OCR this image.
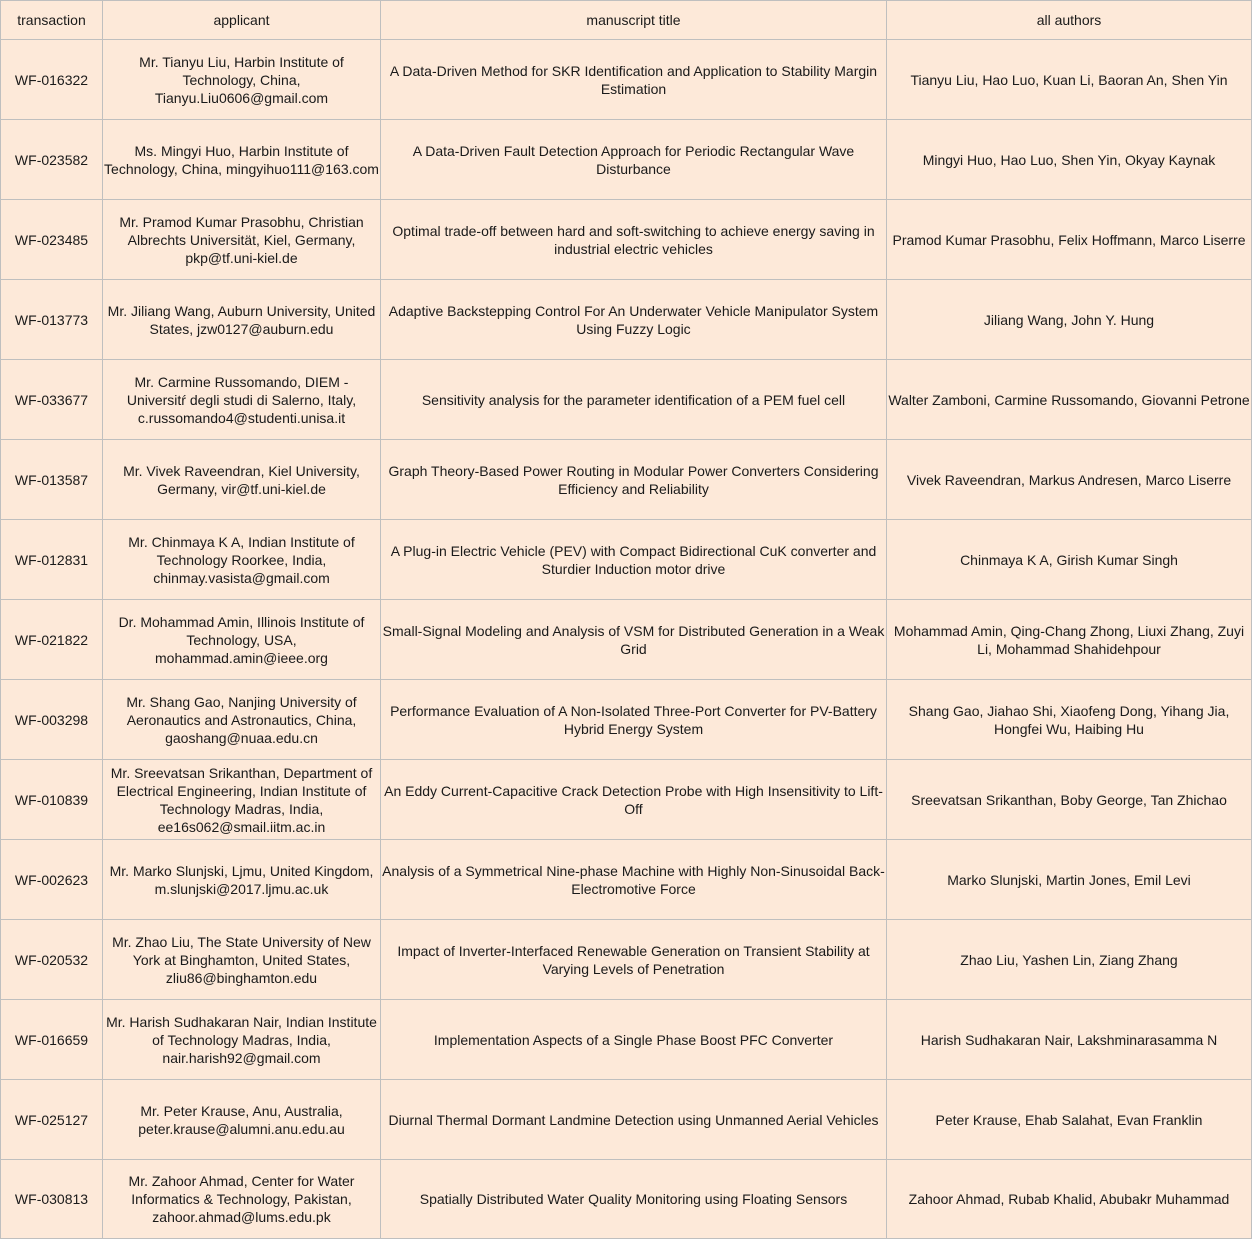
transaction	applicant	manuscript title	all authors
WF-016322	Mr. Tianyu Liu, Harbin Institute of Technology, China, Tianyu.Liu0606@gmail.com	A Data-Driven Method for SKR Identification and Application to Stability Margin Estimation	Tianyu Liu, Hao Luo, Kuan Li, Baoran An, Shen Yin
WF-023582	Ms. Mingyi Huo, Harbin Institute of Technology, China, mingyihuo111@163.com	A Data-Driven Fault Detection Approach for Periodic Rectangular Wave Disturbance	Mingyi Huo, Hao Luo, Shen Yin, Okyay Kaynak
WF-023485	Mr. Pramod Kumar Prasobhu, Christian Albrechts Universität, Kiel, Germany, pkp@tf.uni-kiel.de	Optimal trade-off between hard and soft-switching to achieve energy saving in industrial electric vehicles	Pramod Kumar Prasobhu, Felix Hoffmann, Marco Liserre
WF-013773	Mr. Jiliang Wang, Auburn University, United States, jzw0127@auburn.edu	Adaptive Backstepping Control For An Underwater Vehicle Manipulator System Using Fuzzy Logic	Jiliang Wang, John Y. Hung
WF-033677	Mr. Carmine Russomando, DIEM - Universitŕ degli studi di Salerno, Italy, c.russomando4@studenti.unisa.it	Sensitivity analysis for the parameter identification of a PEM fuel cell	Walter Zamboni, Carmine Russomando, Giovanni Petrone
WF-013587	Mr. Vivek Raveendran, Kiel University, Germany, vir@tf.uni-kiel.de	Graph Theory-Based Power Routing in Modular Power Converters Considering Efficiency and Reliability	Vivek Raveendran, Markus Andresen, Marco Liserre
WF-012831	Mr. Chinmaya K A, Indian Institute of Technology Roorkee, India, chinmay.vasista@gmail.com	A Plug-in Electric Vehicle (PEV) with Compact Bidirectional CuK converter and Sturdier Induction motor drive	Chinmaya K A, Girish Kumar Singh
WF-021822	Dr. Mohammad Amin, Illinois Institute of Technology, USA, mohammad.amin@ieee.org	Small-Signal Modeling and Analysis of VSM for Distributed Generation in a Weak Grid	Mohammad Amin, Qing-Chang Zhong, Liuxi Zhang, Zuyi Li, Mohammad Shahidehpour
WF-003298	Mr. Shang Gao, Nanjing University of Aeronautics and Astronautics, China, gaoshang@nuaa.edu.cn	Performance Evaluation of A Non-Isolated Three-Port Converter for PV-Battery Hybrid Energy System	Shang Gao, Jiahao Shi, Xiaofeng Dong, Yihang Jia, Hongfei Wu, Haibing Hu
WF-010839	Mr. Sreevatsan Srikanthan, Department of Electrical Engineering, Indian Institute of Technology Madras, India, ee16s062@smail.iitm.ac.in	An Eddy Current-Capacitive Crack Detection Probe with High Insensitivity to Lift-Off	Sreevatsan Srikanthan, Boby George, Tan Zhichao
WF-002623	Mr. Marko Slunjski, Ljmu, United Kingdom, m.slunjski@2017.ljmu.ac.uk	Analysis of a Symmetrical Nine-phase Machine with Highly Non-Sinusoidal Back-Electromotive Force	Marko Slunjski, Martin Jones, Emil Levi
WF-020532	Mr. Zhao Liu, The State University of New York at Binghamton, United States, zliu86@binghamton.edu	Impact of Inverter-Interfaced Renewable Generation on Transient Stability at Varying Levels of Penetration	Zhao Liu, Yashen Lin, Ziang Zhang
WF-016659	Mr. Harish Sudhakaran Nair, Indian Institute of Technology Madras, India, nair.harish92@gmail.com	Implementation Aspects of a Single Phase Boost PFC Converter	Harish Sudhakaran Nair, Lakshminarasamma N
WF-025127	Mr. Peter Krause, Anu, Australia, peter.krause@alumni.anu.edu.au	Diurnal Thermal Dormant Landmine Detection using Unmanned Aerial Vehicles	Peter Krause, Ehab Salahat, Evan Franklin
WF-030813	Mr. Zahoor Ahmad, Center for Water Informatics & Technology, Pakistan, zahoor.ahmad@lums.edu.pk	Spatially Distributed Water Quality Monitoring using Floating Sensors	Zahoor Ahmad, Rubab Khalid, Abubakr Muhammad
